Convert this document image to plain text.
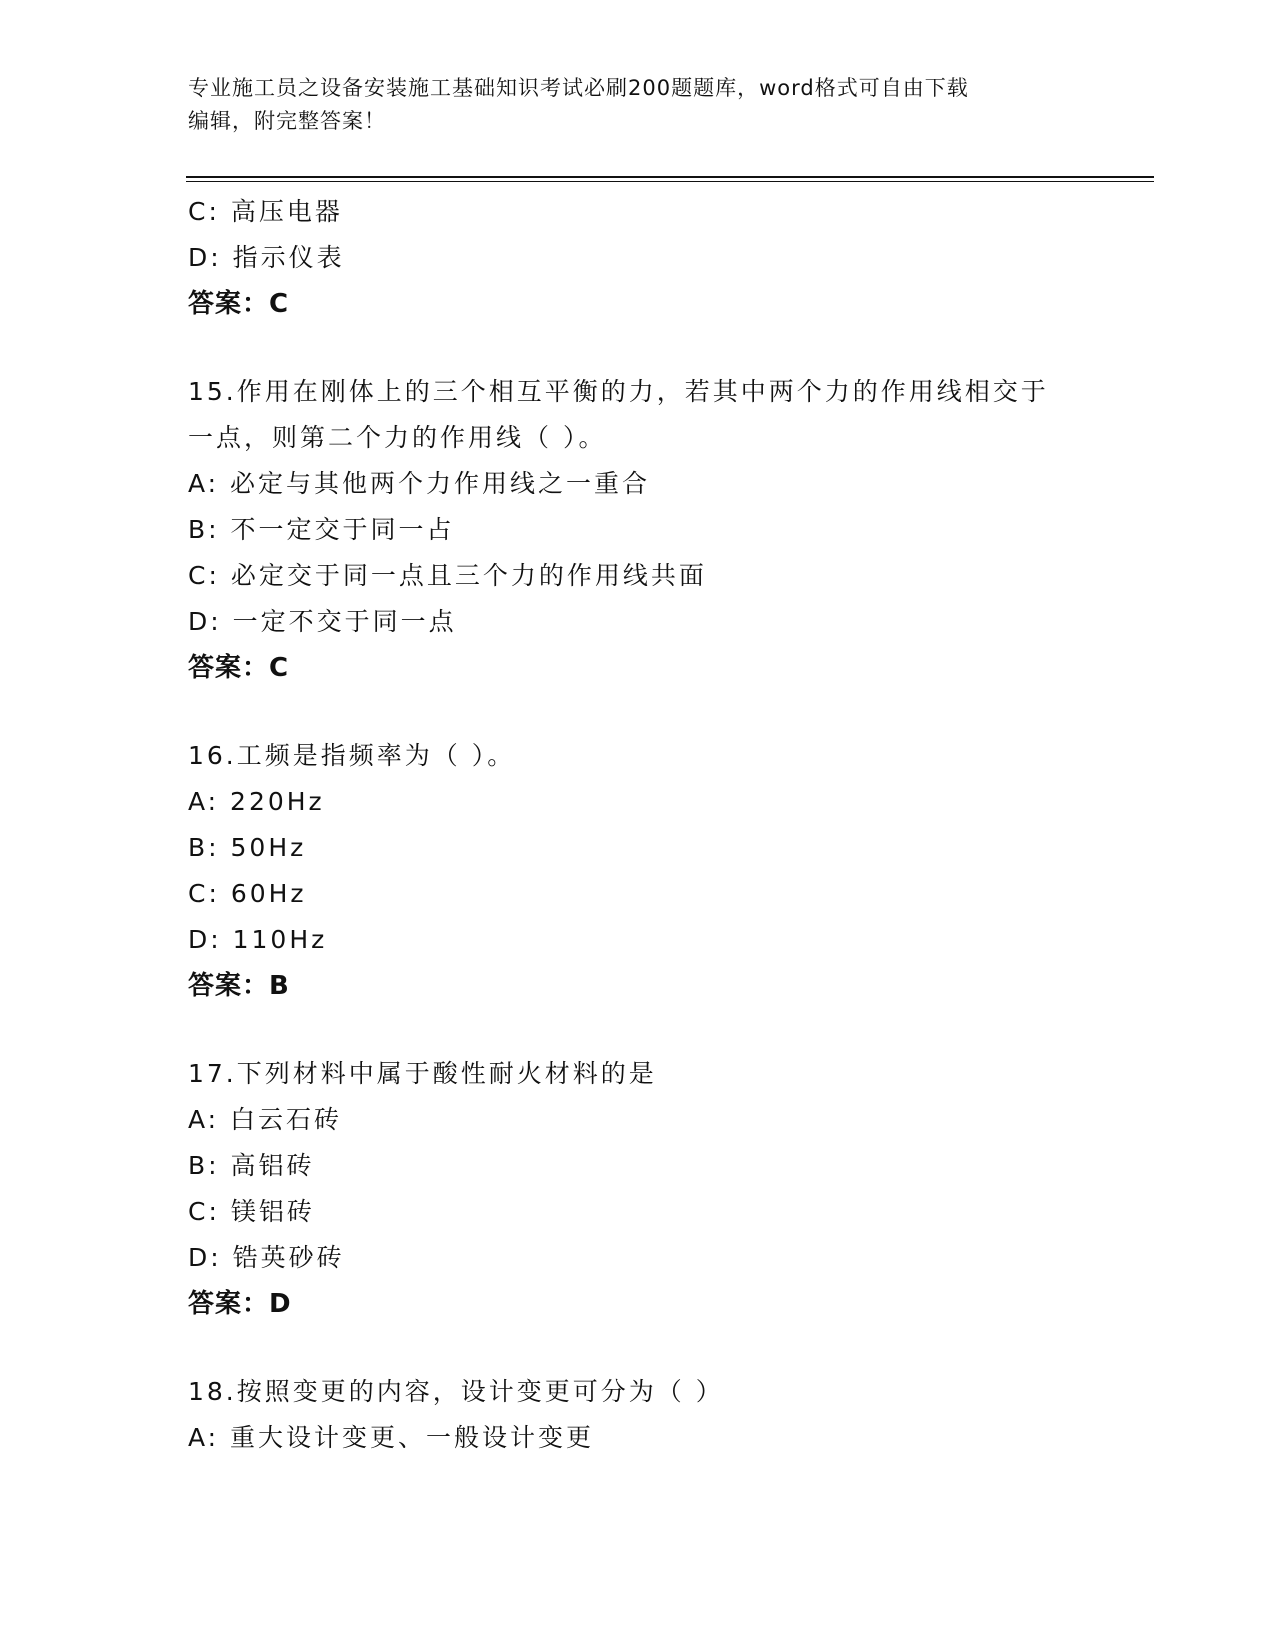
专业施工员之设备安装施工基础知识考试必刷200题题库，word格式可自由下载
编辑，附完整答案！
C: 高压电器
D: 指示仪表
答案：C
15.作用在刚体上的三个相互平衡的力，若其中两个力的作用线相交于
一点，则第二个力的作用线（ ）。
A: 必定与其他两个力作用线之一重合
B: 不一定交于同一占
C: 必定交于同一点且三个力的作用线共面
D: 一定不交于同一点
答案：C
16.工频是指频率为（ ）。
A: 220Hz
B: 50Hz
C: 60Hz
D: 110Hz
答案：B
17.下列材料中属于酸性耐火材料的是
A: 白云石砖
B: 高铝砖
C: 镁铝砖
D: 锆英砂砖
答案：D
18.按照变更的内容，设计变更可分为（ ）
A: 重大设计变更、一般设计变更
